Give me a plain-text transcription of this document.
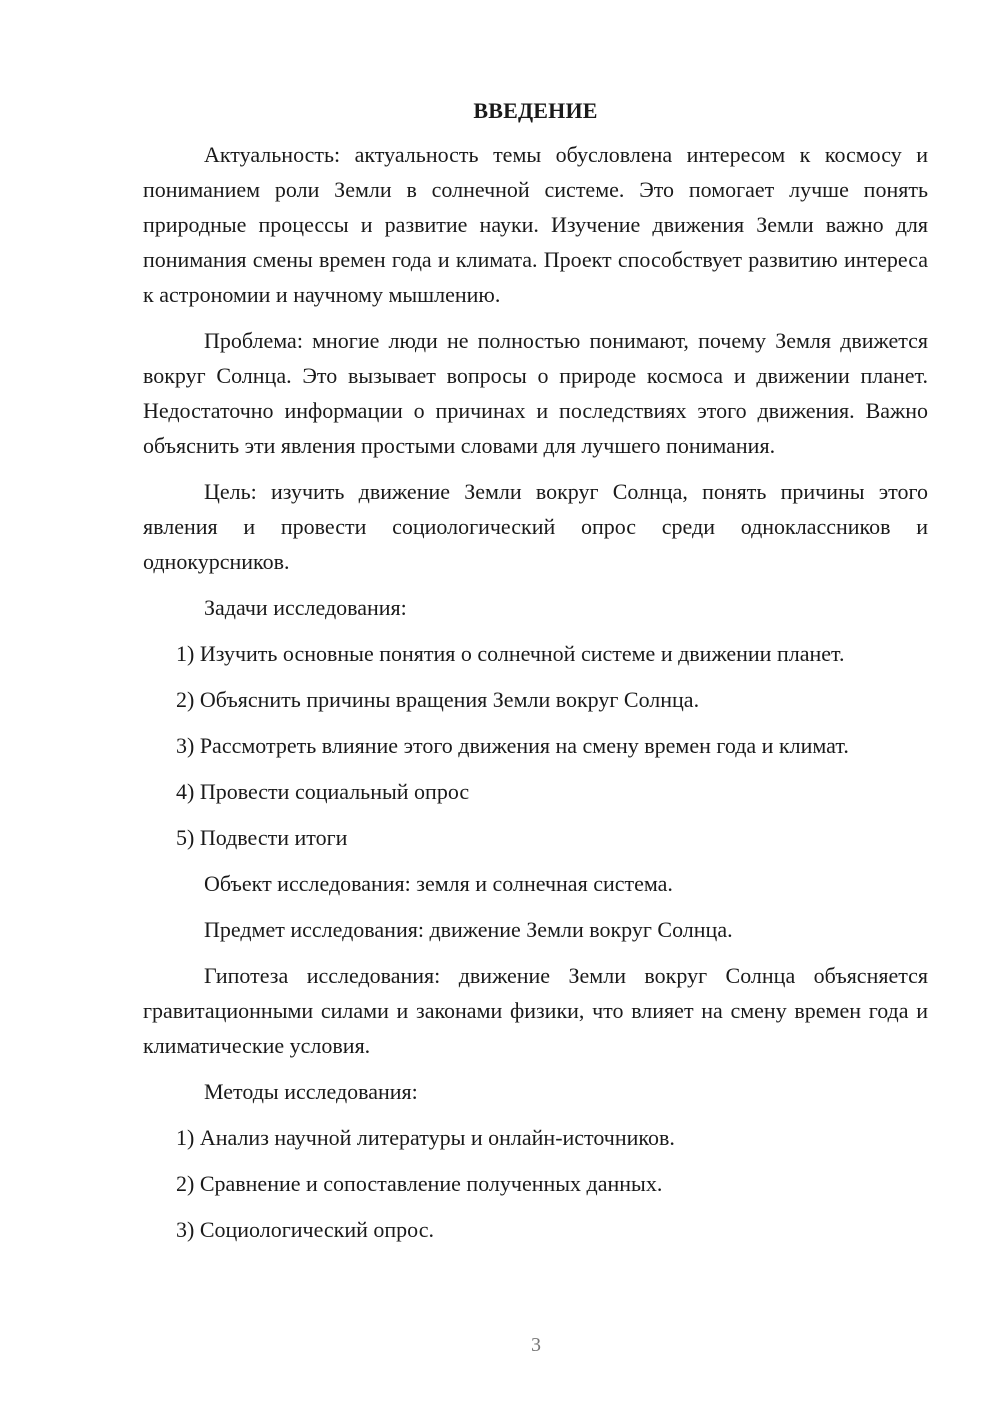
ВВЕДЕНИЕ

Актуальность: актуальность темы обусловлена интересом к космосу и пониманием роли Земли в солнечной системе. Это помогает лучше понять природные процессы и развитие науки. Изучение движения Земли важно для понимания смены времен года и климата. Проект способствует развитию интереса к астрономии и научному мышлению.

Проблема: многие люди не полностью понимают, почему Земля движется вокруг Солнца. Это вызывает вопросы о природе космоса и движении планет. Недостаточно информации о причинах и последствиях этого движения. Важно объяснить эти явления простыми словами для лучшего понимания.

Цель: изучить движение Земли вокруг Солнца, понять причины этого явления и провести социологический опрос среди одноклассников и однокурсников.

Задачи исследования:

1) Изучить основные понятия о солнечной системе и движении планет.

2) Объяснить причины вращения Земли вокруг Солнца.

3) Рассмотреть влияние этого движения на смену времен года и климат.

4) Провести социальный опрос

5) Подвести итоги

Объект исследования: земля и солнечная система.

Предмет исследования: движение Земли вокруг Солнца.

Гипотеза исследования: движение Земли вокруг Солнца объясняется гравитационными силами и законами физики, что влияет на смену времен года и климатические условия.

Методы исследования:

1) Анализ научной литературы и онлайн-источников.

2) Сравнение и сопоставление полученных данных.

3) Социологический опрос.

3
